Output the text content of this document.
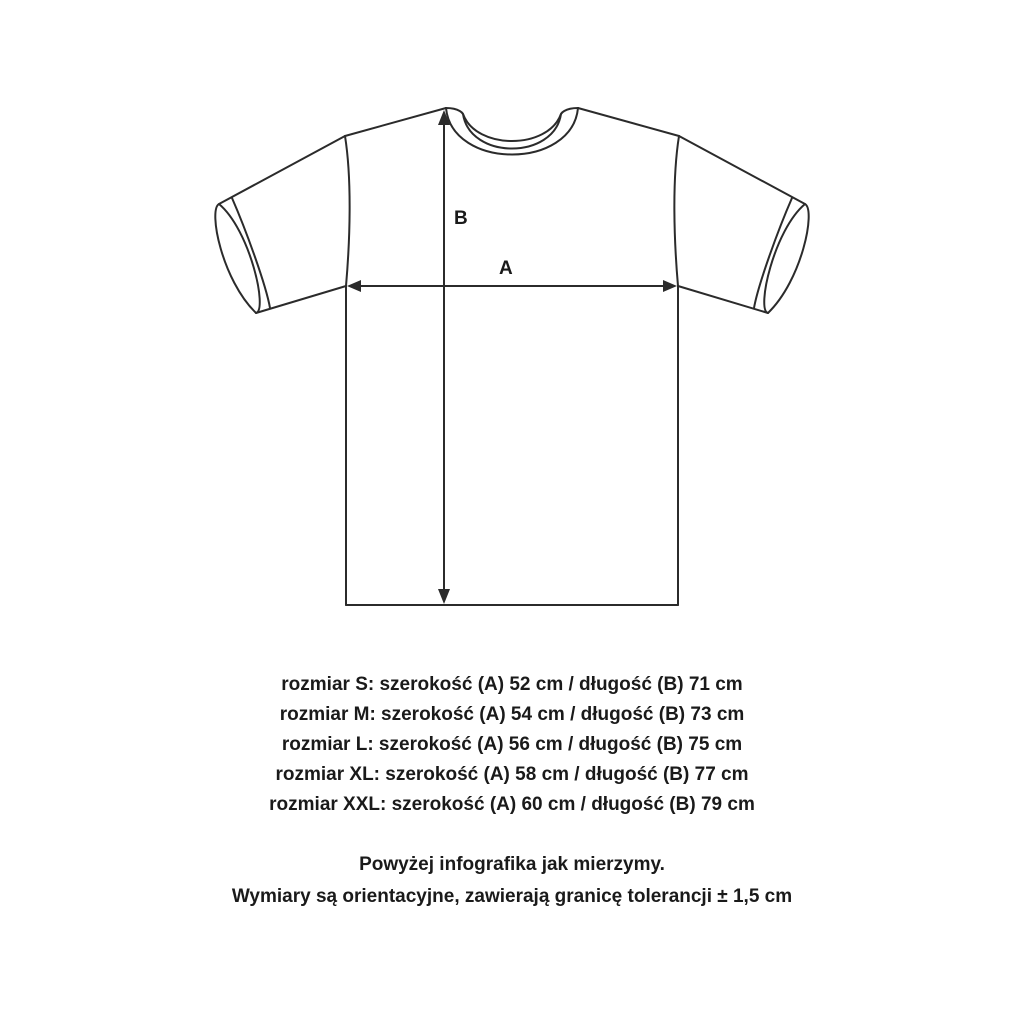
A
B
rozmiar S: szerokość (A) 52 cm / długość (B) 71 cm
rozmiar M: szerokość (A) 54 cm / długość (B) 73 cm
rozmiar L: szerokość (A) 56 cm / długość (B) 75 cm
rozmiar XL: szerokość (A) 58 cm / długość (B) 77 cm
rozmiar XXL: szerokość (A) 60 cm / długość (B) 79 cm
Powyżej infografika jak mierzymy.
Wymiary są orientacyjne, zawierają granicę tolerancji ± 1,5 cm
